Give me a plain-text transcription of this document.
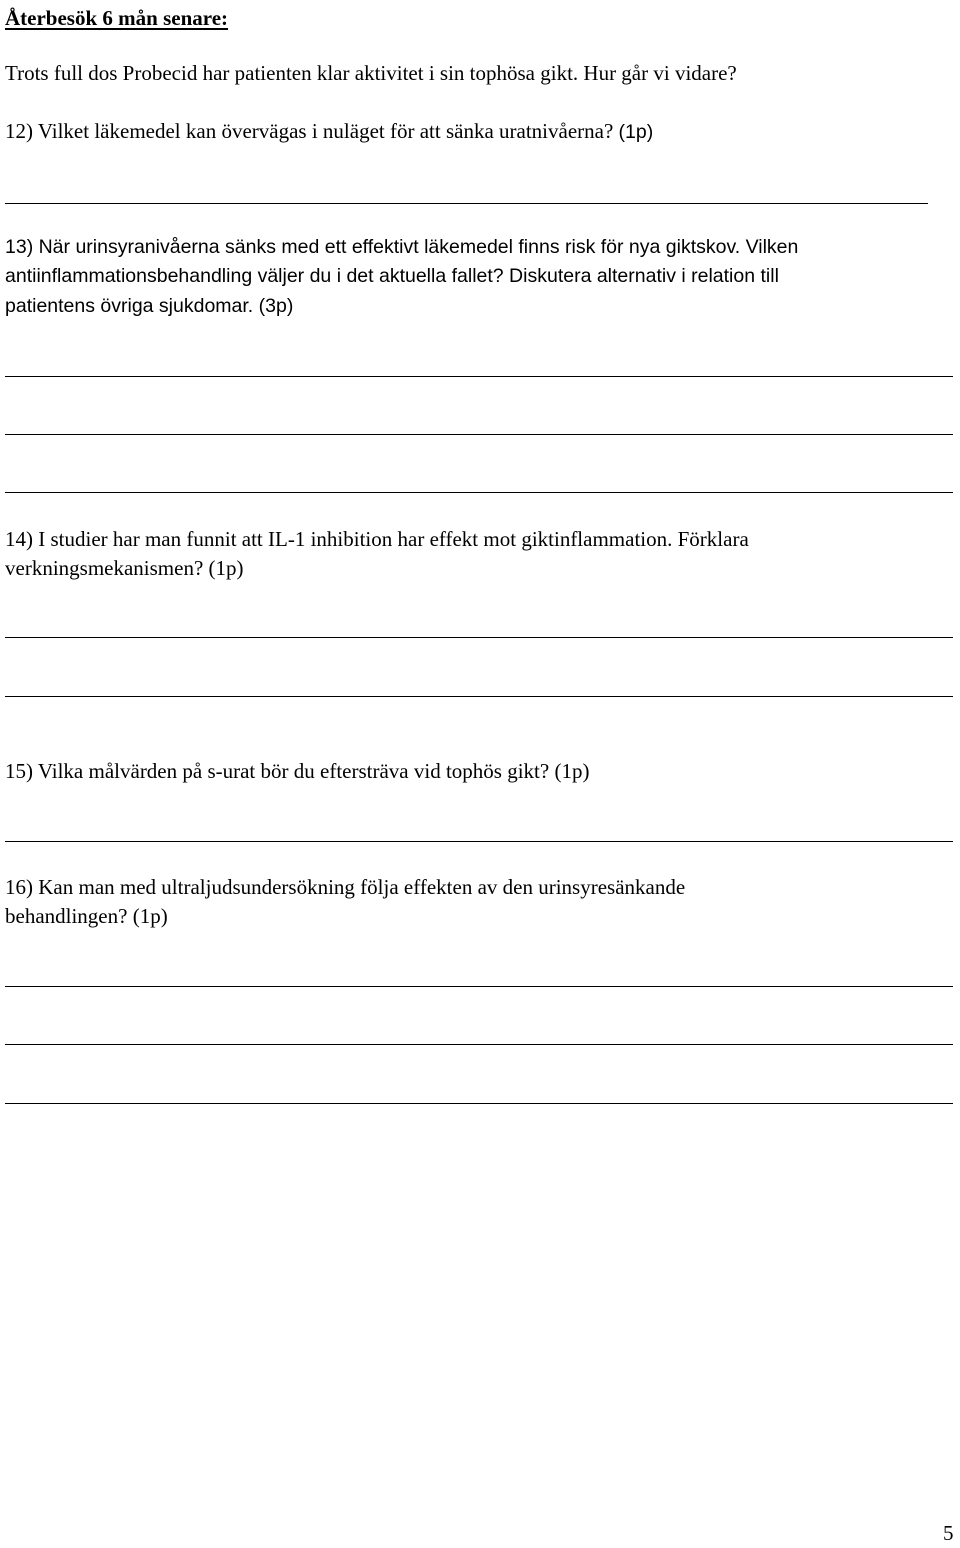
Återbesök 6 mån senare:
Trots full dos Probecid har patienten klar aktivitet i sin tophösa gikt. Hur går vi vidare?
12) Vilket läkemedel kan övervägas i nuläget för att sänka uratnivåerna? (1p)
13) När urinsyranivåerna sänks med ett effektivt läkemedel finns risk för nya giktskov. Vilken
antiinflammationsbehandling väljer du i det aktuella fallet? Diskutera alternativ i relation till
patientens övriga sjukdomar. (3p)
14) I studier har man funnit att IL-1 inhibition har effekt mot giktinflammation. Förklara
verkningsmekanismen? (1p)
15) Vilka målvärden på s-urat bör du eftersträva vid tophös gikt? (1p)
16) Kan man med ultraljudsundersökning följa effekten av den urinsyresänkande
behandlingen? (1p)
5
